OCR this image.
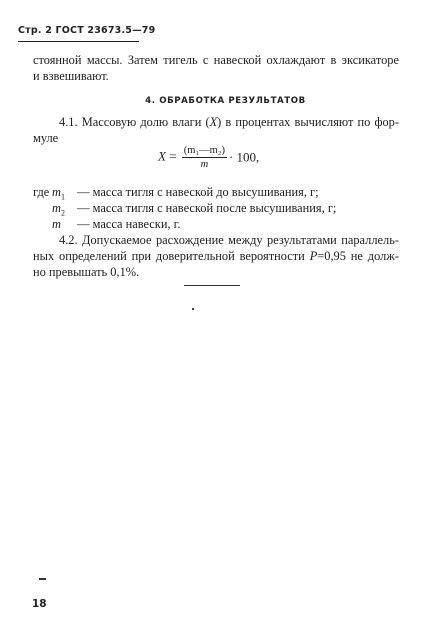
Стр. 2 ГОСТ 23673.5—79
стоянной массы. Затем тигель с навеской охлаждают в эксикаторе
и взвешивают.
4. ОБРАБОТКА РЕЗУЛЬТАТОВ
4.1. Массовую долю влаги (X) в процентах вычисляют по фор-
муле
$X = \frac{\text{(m₁—m₂)}}{m} \cdot 100$,
где $m_1$ — масса тигля с навеской до высушивания, г;
$m_2$ — масса тигля с навеской после высушивания, г;
m — масса навески, г.
4.2. Допускаемое расхождение между результатами параллель-
ных определений при доверительной вероятности P=0,95 не долж-
но превышать 0,1%.
18
